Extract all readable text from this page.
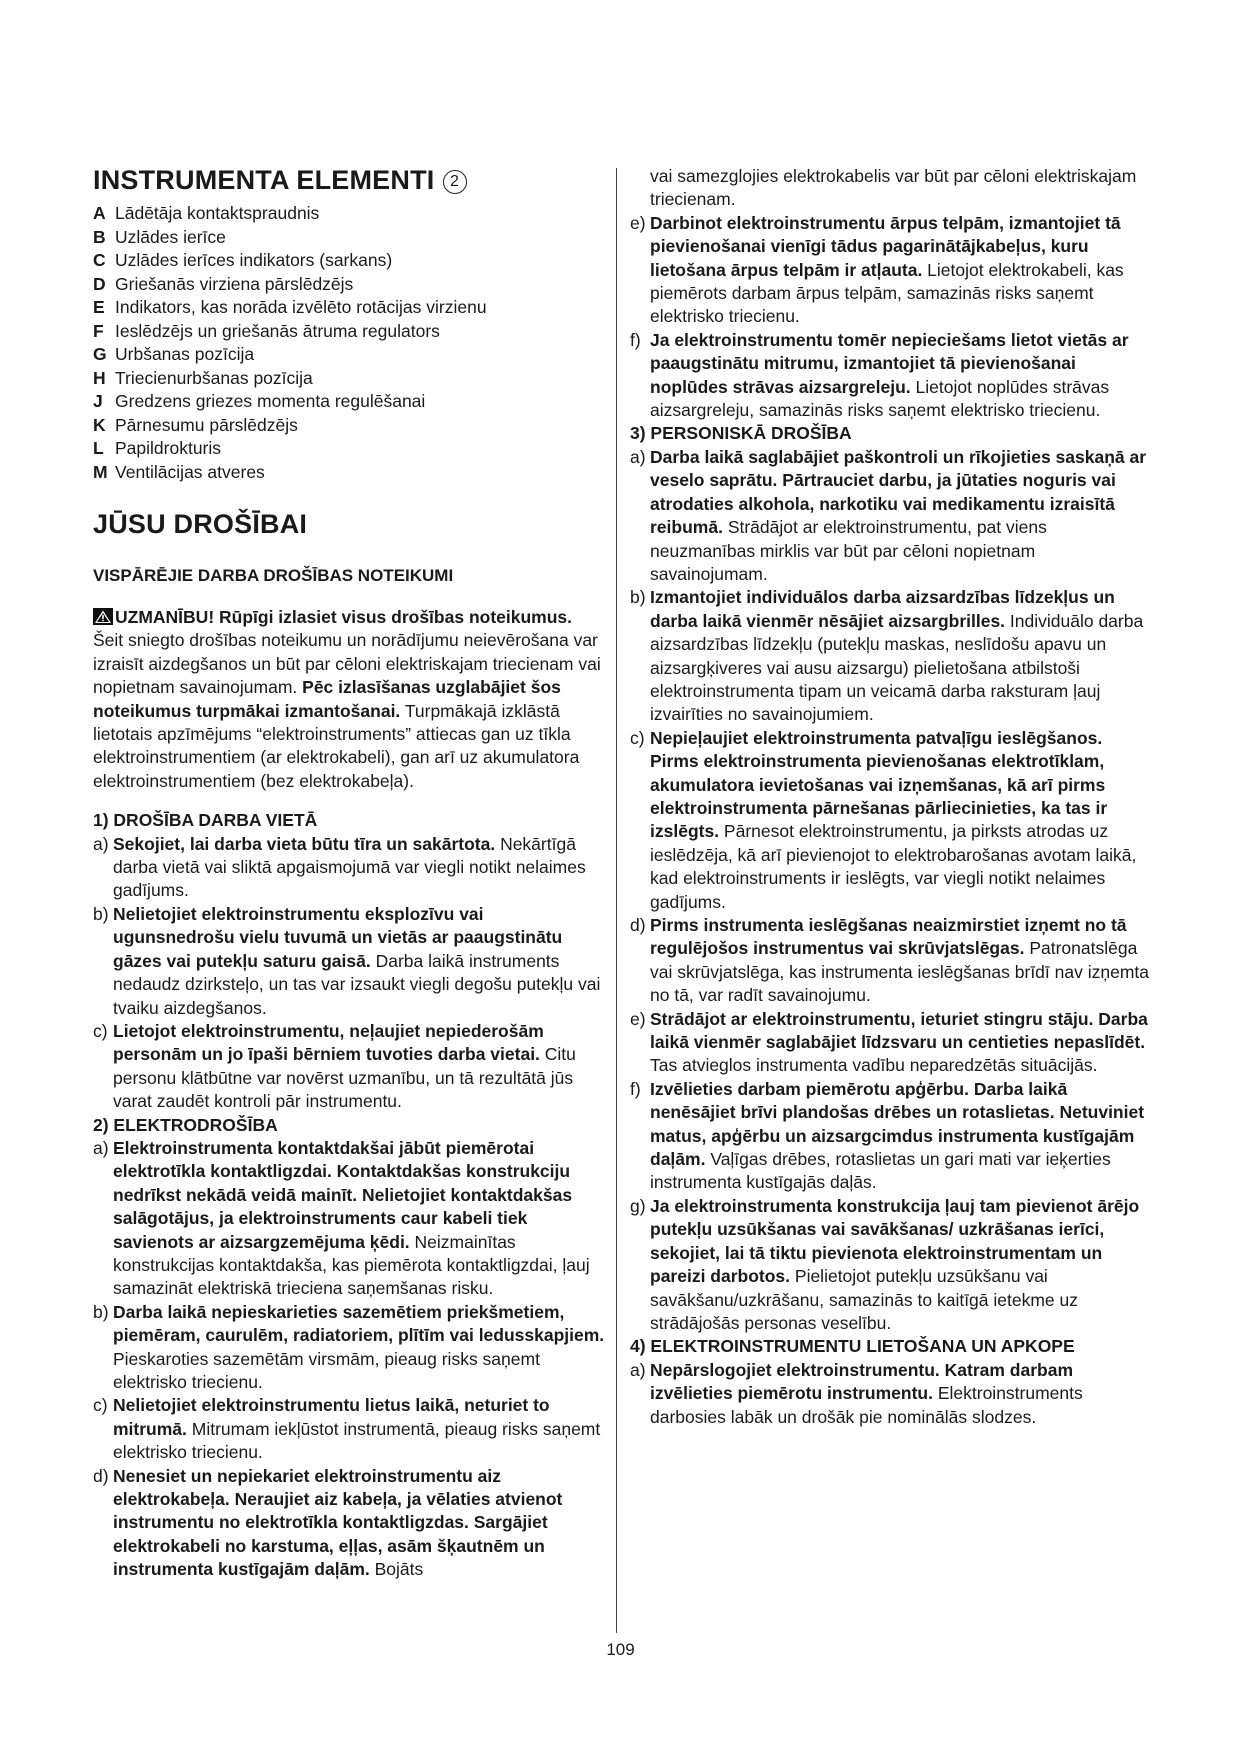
INSTRUMENTA ELEMENTI 2
A Lādētāja kontaktspraudnis
B Uzlādes ierīce
C Uzlādes ierīces indikators (sarkans)
D Griešanās virziena pārslēdzējs
E Indikators, kas norāda izvēlēto rotācijas virzienu
F Ieslēdzējs un griešanās ātruma regulators
G Urbšanas pozīcija
H Triecienurbšanas pozīcija
J Gredzens griezes momenta regulēšanai
K Pārnesumu pārslēdzējs
L Papildrokturis
M Ventilācijas atveres
JŪSU DROŠĪBAI
VISPĀRĒJIE DARBA DROŠĪBAS NOTEIKUMI

UZMANĪBU! Rūpīgi izlasiet visus drošības noteikumus. Šeit sniegto drošības noteikumu un norādījumu neievērošana var izraisīt aizdegšanos un būt par cēloni elektriskajam triecienam vai nopietnam savainojumam. Pēc izlasīšanas uzglabājiet šos noteikumus turpmākai izmantošanai. Turpmākajā izklāstā lietotais apzīmējums “elektroinstruments” attiecas gan uz tīkla elektroinstrumentiem (ar elektrokabeli), gan arī uz akumulatora elektroinstrumentiem (bez elektrokabeļa).

1) DROŠĪBA DARBA VIETĀ

a) Sekojiet, lai darba vieta būtu tīra un sakārtota. Nekārtīgā darba vietā vai sliktā apgaismojumā var viegli notikt nelaimes gadījums.

b) Nelietojiet elektroinstrumentu eksplozīvu vai ugunsnedrošu vielu tuvumā un vietās ar paaugstinātu gāzes vai putekļu saturu gaisā. Darba laikā instruments nedaudz dzirksteļo, un tas var izsaukt viegli degošu putekļu vai tvaiku aizdegšanos.

c) Lietojot elektroinstrumentu, neļaujiet nepiederošām personām un jo īpaši bērniem tuvoties darba vietai. Citu personu klātbūtne var novērst uzmanību, un tā rezultātā jūs varat zaudēt kontroli pār instrumentu.

2) ELEKTRODROŠĪBA

a) Elektroinstrumenta kontaktdakšai jābūt piemērotai elektrotīkla kontaktligzdai. Kontaktdakšas konstrukciju nedrīkst nekādā veidā mainīt. Nelietojiet kontaktdakšas salāgotājus, ja elektroinstruments caur kabeli tiek savienots ar aizsargzemējuma ķēdi. Neizmainītas konstrukcijas kontaktdakša, kas piemērota kontaktligzdai, ļauj samazināt elektriskā trieciena saņemšanas risku.

b) Darba laikā nepieskarieties sazemētiem priekšmetiem, piemēram, caurulēm, radiatoriem, plītīm vai ledusskapjiem. Pieskaroties sazemētām virsmām, pieaug risks saņemt elektrisko triecienu.

c) Nelietojiet elektroinstrumentu lietus laikā, neturiet to mitrumā. Mitrumam iekļūstot instrumentā, pieaug risks saņemt elektrisko triecienu.

d) Nenesiet un nepiekariet elektroinstrumentu aiz elektrokabeļa. Neraujiet aiz kabeļa, ja vēlaties atvienot instrumentu no elektrotīkla kontaktligzdas. Sargājiet elektrokabeli no karstuma, eļļas, asām šķautnēm un instrumenta kustīgajām daļām. Bojāts

vai samezglojies elektrokabelis var būt par cēloni elektriskajam triecienam.

e) Darbinot elektroinstrumentu ārpus telpām, izmantojiet tā pievienošanai vienīgi tādus pagarinātājkabeļus, kuru lietošana ārpus telpām ir atļauta. Lietojot elektrokabeli, kas piemērots darbam ārpus telpām, samazinās risks saņemt elektrisko triecienu.

f) Ja elektroinstrumentu tomēr nepieciešams lietot vietās ar paaugstinātu mitrumu, izmantojiet tā pievienošanai noplūdes strāvas aizsargreleju. Lietojot noplūdes strāvas aizsargreleju, samazinās risks saņemt elektrisko triecienu.

3) PERSONISKĀ DROŠĪBA

a) Darba laikā saglabājiet paškontroli un rīkojieties saskaņā ar veselo saprātu. Pārtrauciet darbu, ja jūtaties noguris vai atrodaties alkohola, narkotiku vai medikamentu izraisītā reibumā. Strādājot ar elektroinstrumentu, pat viens neuzmanības mirklis var būt par cēloni nopietnam savainojumam.

b) Izmantojiet individuālos darba aizsardzības līdzekļus un darba laikā vienmēr nēsājiet aizsargbrilles. Individuālo darba aizsardzības līdzekļu (putekļu maskas, neslīdošu apavu un aizsargķiveres vai ausu aizsargu) pielietošana atbilstoši elektroinstrumenta tipam un veicamā darba raksturam ļauj izvairīties no savainojumiem.

c) Nepieļaujiet elektroinstrumenta patvaļīgu ieslēgšanos. Pirms elektroinstrumenta pievienošanas elektrotīklam, akumulatora ievietošanas vai izņemšanas, kā arī pirms elektroinstrumenta pārnešanas pārliecinieties, ka tas ir izslēgts. Pārnesot elektroinstrumentu, ja pirksts atrodas uz ieslēdzēja, kā arī pievienojot to elektrobarošanas avotam laikā, kad elektroinstruments ir ieslēgts, var viegli notikt nelaimes gadījums.

d) Pirms instrumenta ieslēgšanas neaizmirstiet izņemt no tā regulējošos instrumentus vai skrūvjatslēgas. Patronatslēga vai skrūvjatslēga, kas instrumenta ieslēgšanas brīdī nav izņemta no tā, var radīt savainojumu.

e) Strādājot ar elektroinstrumentu, ieturiet stingru stāju. Darba laikā vienmēr saglabājiet līdzsvaru un centieties nepaslīdēt. Tas atvieglos instrumenta vadību neparedzētās situācijās.

f) Izvēlieties darbam piemērotu apģērbu. Darba laikā nenēsājiet brīvi plandošas drēbes un rotaslietas. Netuviniet matus, apģērbu un aizsargcimdus instrumenta kustīgajām daļām. Vaļīgas drēbes, rotaslietas un gari mati var ieķerties instrumenta kustīgajās daļās.

g) Ja elektroinstrumenta konstrukcija ļauj tam pievienot ārējo putekļu uzsūkšanas vai savākšanas/ uzkrāšanas ierīci, sekojiet, lai tā tiktu pievienota elektroinstrumentam un pareizi darbotos. Pielietojot putekļu uzsūkšanu vai savākšanu/uzkrāšanu, samazinās to kaitīgā ietekme uz strādājošās personas veselību.

4) ELEKTROINSTRUMENTU LIETOŠANA UN APKOPE

a) Nepārslogojiet elektroinstrumentu. Katram darbam izvēlieties piemērotu instrumentu. Elektroinstruments darbosies labāk un drošāk pie nominālās slodzes.

109
